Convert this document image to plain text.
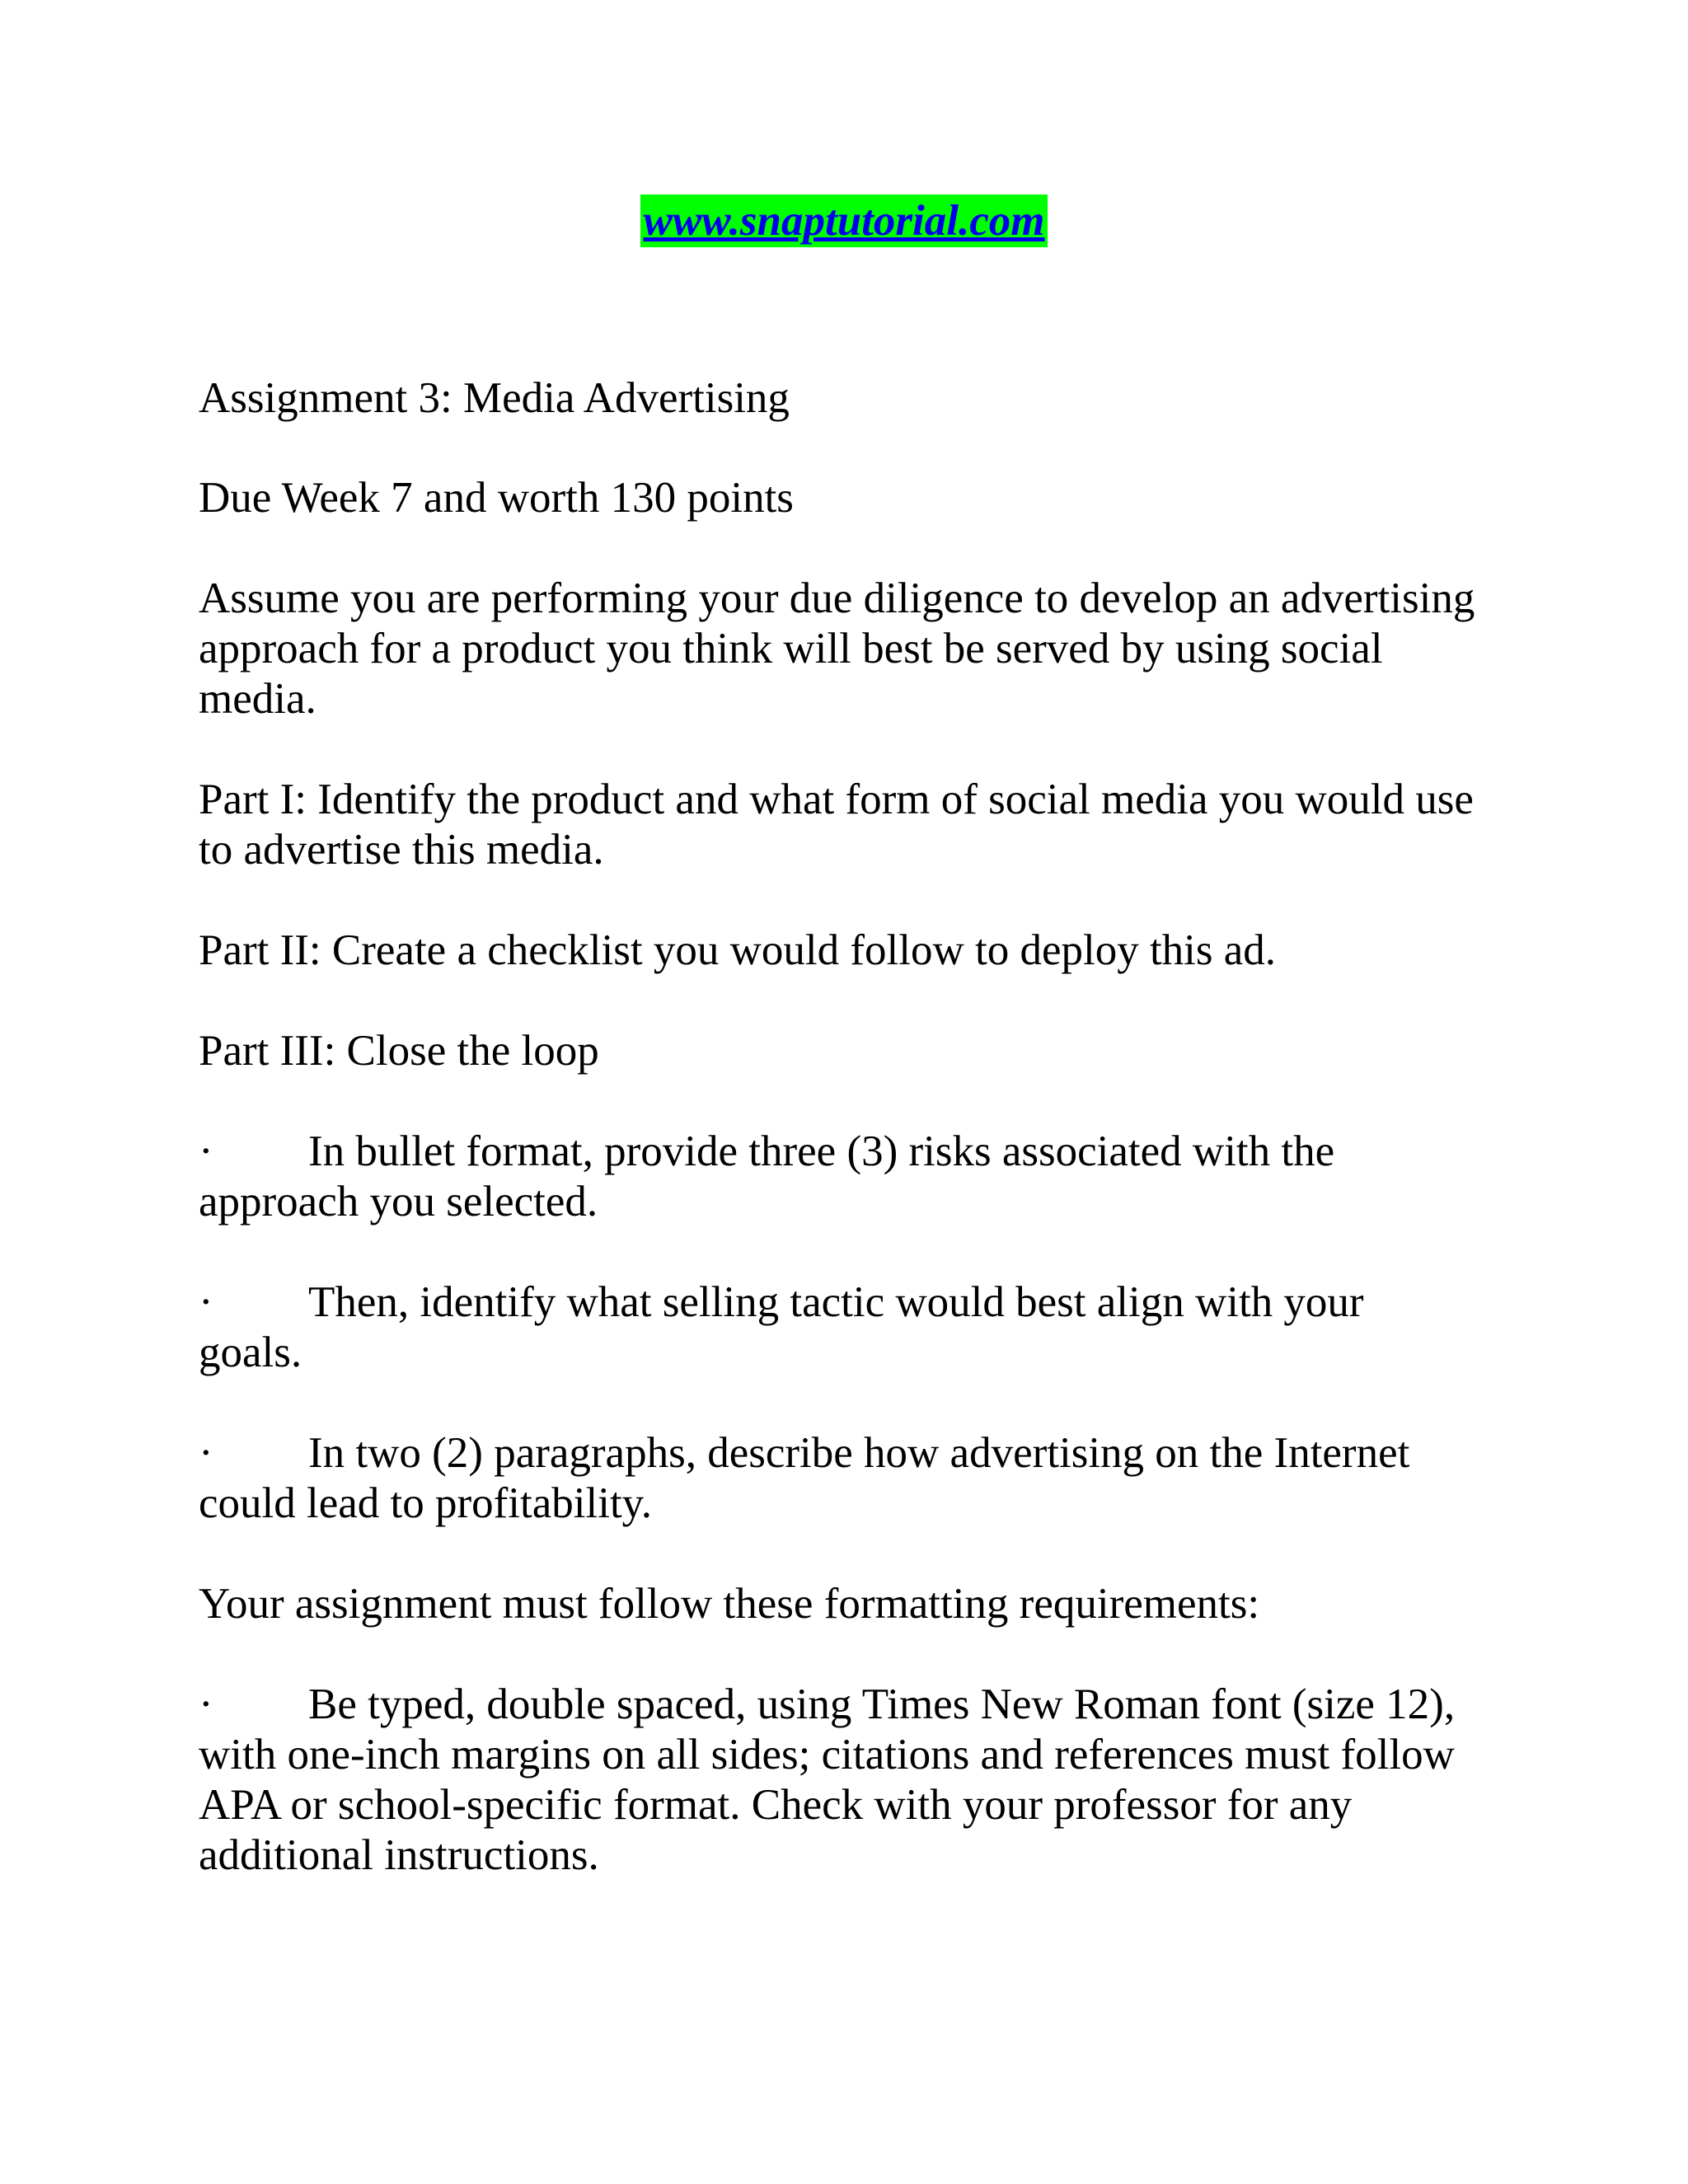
www.snaptutorial.com
Assignment 3: Media Advertising
Due Week 7 and worth 130 points
Assume you are performing your due diligence to develop an advertising
approach for a product you think will best be served by using social
media.
Part I: Identify the product and what form of social media you would use
to advertise this media.
Part II: Create a checklist you would follow to deploy this ad.
Part III: Close the loop
· In bullet format, provide three (3) risks associated with the
approach you selected.
· Then, identify what selling tactic would best align with your
goals.
· In two (2) paragraphs, describe how advertising on the Internet
could lead to profitability.
Your assignment must follow these formatting requirements:
· Be typed, double spaced, using Times New Roman font (size 12),
with one-inch margins on all sides; citations and references must follow
APA or school-specific format. Check with your professor for any
additional instructions.
